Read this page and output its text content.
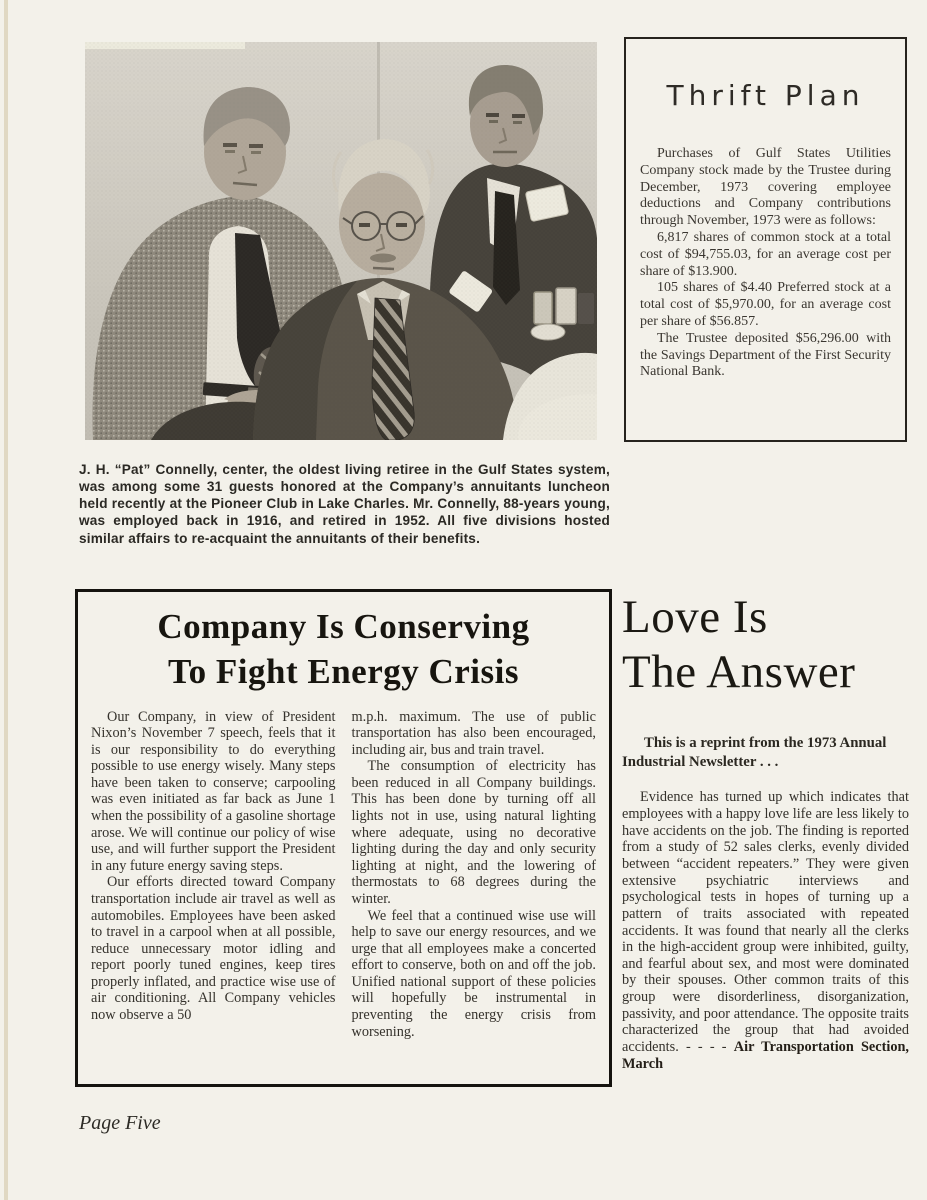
J. H. “Pat” Connelly, center, the oldest living retiree in the Gulf States system, was among some 31 guests honored at the Company’s annuitants luncheon held recently at the Pioneer Club in Lake Charles. Mr. Connelly, 88-years young, was employed back in 1916, and retired in 1952. All five divisions hosted similar affairs to re-acquaint the annuitants of their benefits.

Thrift Plan

Purchases of Gulf States Utilities Company stock made by the Trustee during December, 1973 covering employee deductions and Company contributions through November, 1973 were as follows:

6,817 shares of common stock at a total cost of $94,755.03, for an average cost per share of $13.900.

105 shares of $4.40 Preferred stock at a total cost of $5,970.00, for an average cost per share of $56.857.

The Trustee deposited $56,296.00 with the Savings Department of the First Security National Bank.

Company Is Conserving
To Fight Energy Crisis

Our Company, in view of President Nixon’s November 7 speech, feels that it is our responsibility to do everything possible to use energy wisely. Many steps have been taken to conserve; carpooling was even initiated as far back as June 1 when the possibility of a gasoline shortage arose. We will continue our policy of wise use, and will further support the President in any future energy saving steps.

Our efforts directed toward Company transportation include air travel as well as automobiles. Employees have been asked to travel in a carpool when at all possible, reduce unnecessary motor idling and report poorly tuned engines, keep tires properly inflated, and practice wise use of air conditioning. All Company vehicles now observe a 50

m.p.h. maximum. The use of public transportation has also been encouraged, including air, bus and train travel.

The consumption of electricity has been reduced in all Company buildings. This has been done by turning off all lights not in use, using natural lighting where adequate, using no decorative lighting during the day and only security lighting at night, and the lowering of thermostats to 68 degrees during the winter.

We feel that a continued wise use will help to save our energy resources, and we urge that all employees make a concerted effort to conserve, both on and off the job. Unified national support of these policies will hopefully be instrumental in preventing the energy crisis from worsening.

Love Is
The Answer

This is a reprint from the 1973 Annual Industrial Newsletter . . .

Evidence has turned up which indicates that employees with a happy love life are less likely to have accidents on the job. The finding is reported from a study of 52 sales clerks, evenly divided between “accident repeaters.” They were given extensive psychiatric interviews and psychological tests in hopes of turning up a pattern of traits associated with repeated accidents. It was found that nearly all the clerks in the high-accident group were inhibited, guilty, and fearful about sex, and most were dominated by their spouses. Other common traits of this group were disorderliness, disorganization, passivity, and poor attendance. The opposite traits characterized the group that had avoided accidents. - - - - Air Transportation Section, March

Page Five
